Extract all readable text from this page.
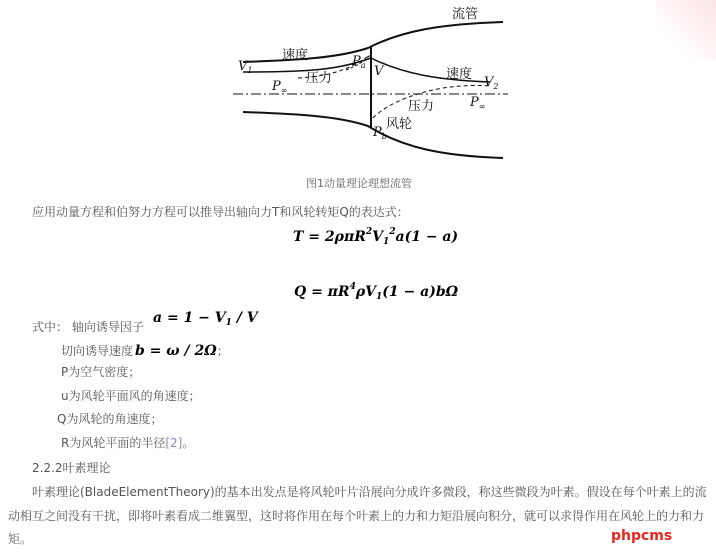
流管
速度
压力	速度
压力
风轮
$V_1$	V
$V_2$
$P_\infty$
$P_\infty$
$P_a$
$P_b$
图1动量理论理想流管
应用动量方程和伯努力方程可以推导出轴向力T和风轮转矩Q的表达式：
$T = 2\rho\pi R^2V_1^2a(1 - a)$
$Q = \pi R^4\rho V_1(1 - a)b\Omega$
式中： 轴向诱导因子
$a = 1 - V_1 / V$
切向诱导速度 b = ω / 2Ω；
P为空气密度；
u为风轮平面风的角速度；
Q为风轮的角速度；
R为风轮平面的半径[2]。
2.2.2叶素理论
叶素理论(BladeElementTheory)的基本出发点是将风轮叶片沿展向分成许多微段，称这些微段为叶素。假设在每个叶素上的流
动相互之间没有干扰，即将叶素看成二维翼型，这时将作用在每个叶素上的力和力矩沿展向积分，就可以求得作用在风轮上的力和力
矩。	phpcms
